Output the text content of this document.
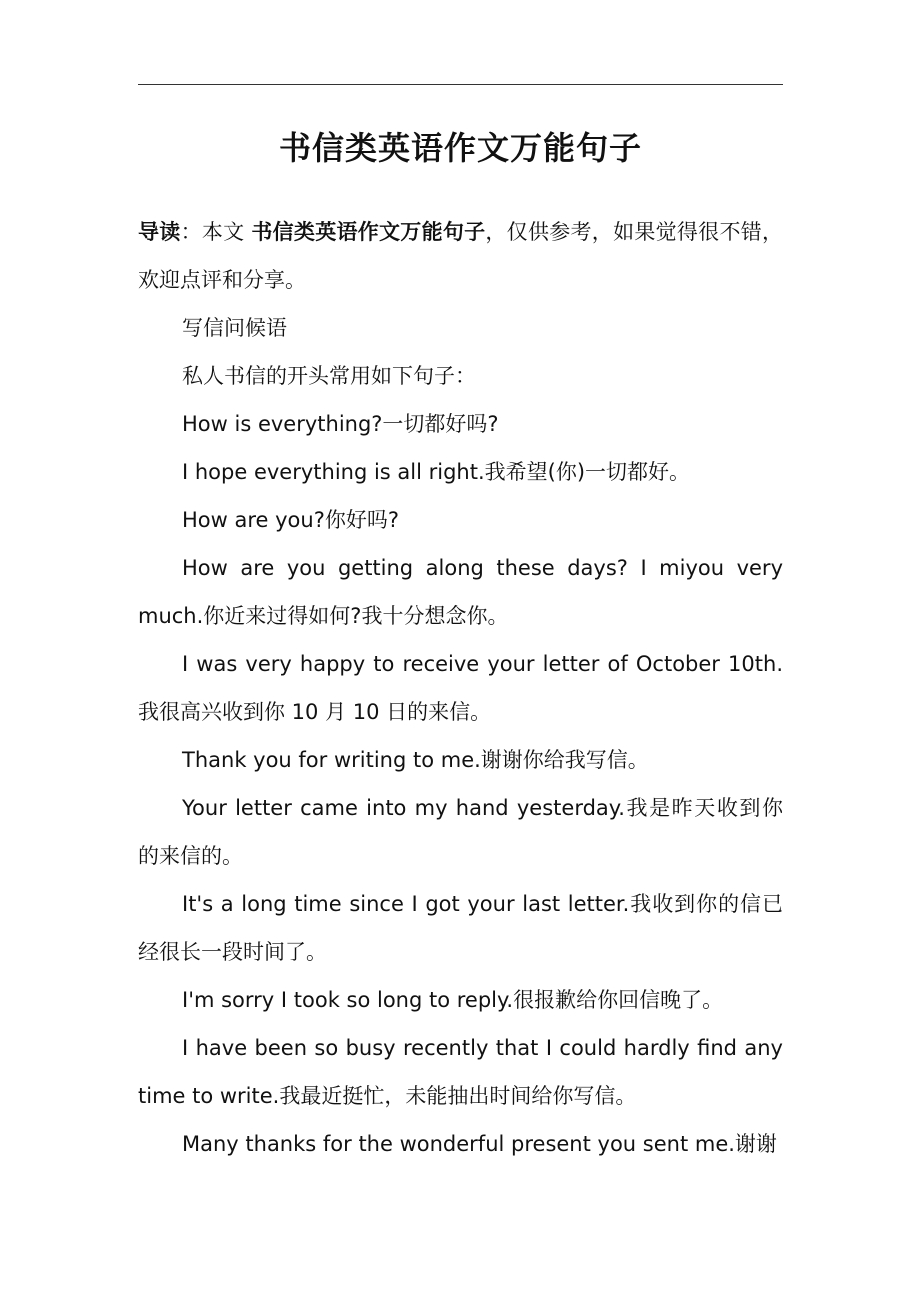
书信类英语作文万能句子

导读：本文 书信类英语作文万能句子，仅供参考，如果觉得很不错，欢迎点评和分享。

写信问候语

私人书信的开头常用如下句子：

How is everything?一切都好吗?

I hope everything is all right.我希望(你)一切都好。

How are you?你好吗?

How are you getting along these days? I miyou very much.你近来过得如何?我十分想念你。

I was very happy to receive your letter of October 10th.我很高兴收到你 10 月 10 日的来信。

Thank you for writing to me.谢谢你给我写信。

Your letter came into my hand yesterday.我是昨天收到你的来信的。

It's a long time since I got your last letter.我收到你的信已经很长一段时间了。

I'm sorry I took so long to reply.很报歉给你回信晚了。

I have been so busy recently that I could hardly find any time to write.我最近挺忙，未能抽出时间给你写信。

Many thanks for the wonderful present you sent me.谢谢
